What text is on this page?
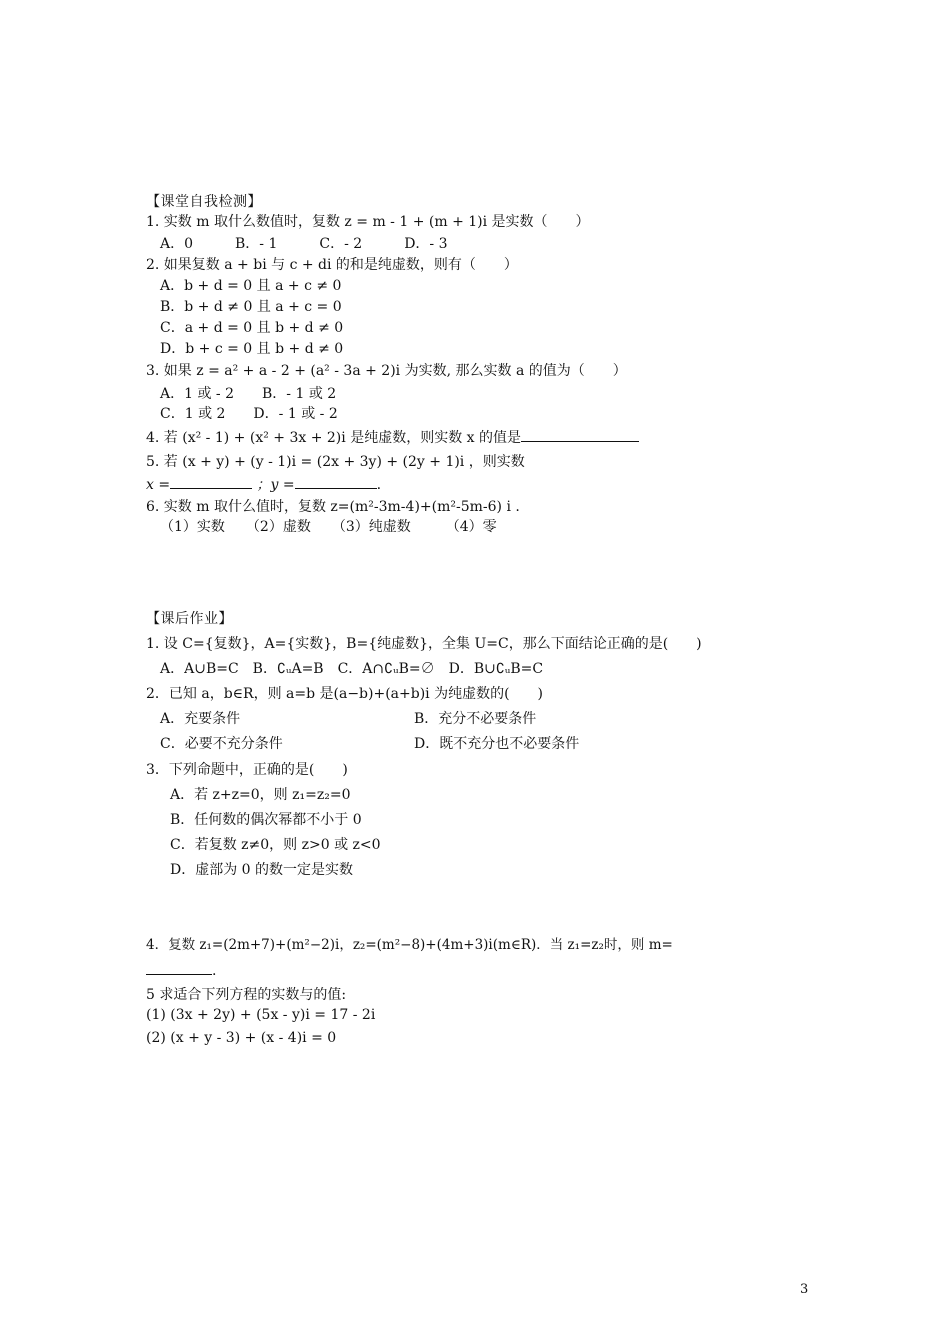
【课堂自我检测】
1. 实数 m 取什么数值时，复数 z = m - 1 + (m + 1)i 是实数（　　）
A．0　　　B．- 1　　　C．- 2　　　D．- 3
2. 如果复数 a + bi 与 c + di 的和是纯虚数，则有（　　）
A．b + d = 0 且 a + c ≠ 0
B．b + d ≠ 0 且 a + c = 0
C．a + d = 0 且 b + d ≠ 0
D．b + c = 0 且 b + d ≠ 0
3. 如果 z = a² + a - 2 + (a² - 3a + 2)i 为实数, 那么实数 a 的值为（　　）
A．1 或 - 2　　B．- 1 或 2
C．1 或 2　　D．- 1 或 - 2
4. 若 (x² - 1) + (x² + 3x + 2)i 是纯虚数，则实数 x 的值是
5. 若 (x + y) + (y - 1)i = (2x + 3y) + (2y + 1)i ，则实数
x =	；y =	.
6. 实数 m 取什么值时，复数 z=(m²-3m-4)+(m²-5m-6) i .
（1）实数　　（2）虚数　　（3）纯虚数　　　（4）零
【课后作业】
1. 设 C={复数}，A={实数}，B={纯虚数}，全集 U=C，那么下面结论正确的是(　　)
A．A∪B=C　B．∁ᵤA=B　C．A∩∁ᵤB=∅　D．B∪∁ᵤB=C
2．已知 a，b∈R，则 a=b 是(a−b)+(a+b)i 为纯虚数的(　　)
A．充要条件	B．充分不必要条件
C．必要不充分条件	D．既不充分也不必要条件
3．下列命题中，正确的是(　　)
A．若 z+z=0，则 z₁=z₂=0
B．任何数的偶次幂都不小于 0
C．若复数 z≠0，则 z>0 或 z<0
D．虚部为 0 的数一定是实数
4．复数 z₁=(2m+7)+(m²−2)i，z₂=(m²−8)+(4m+3)i(m∈R)．当 z₁=z₂时，则 m=
.
5 求适合下列方程的实数与的值:
(1) (3x + 2y) + (5x - y)i = 17 - 2i
(2) (x + y - 3) + (x - 4)i = 0
3
